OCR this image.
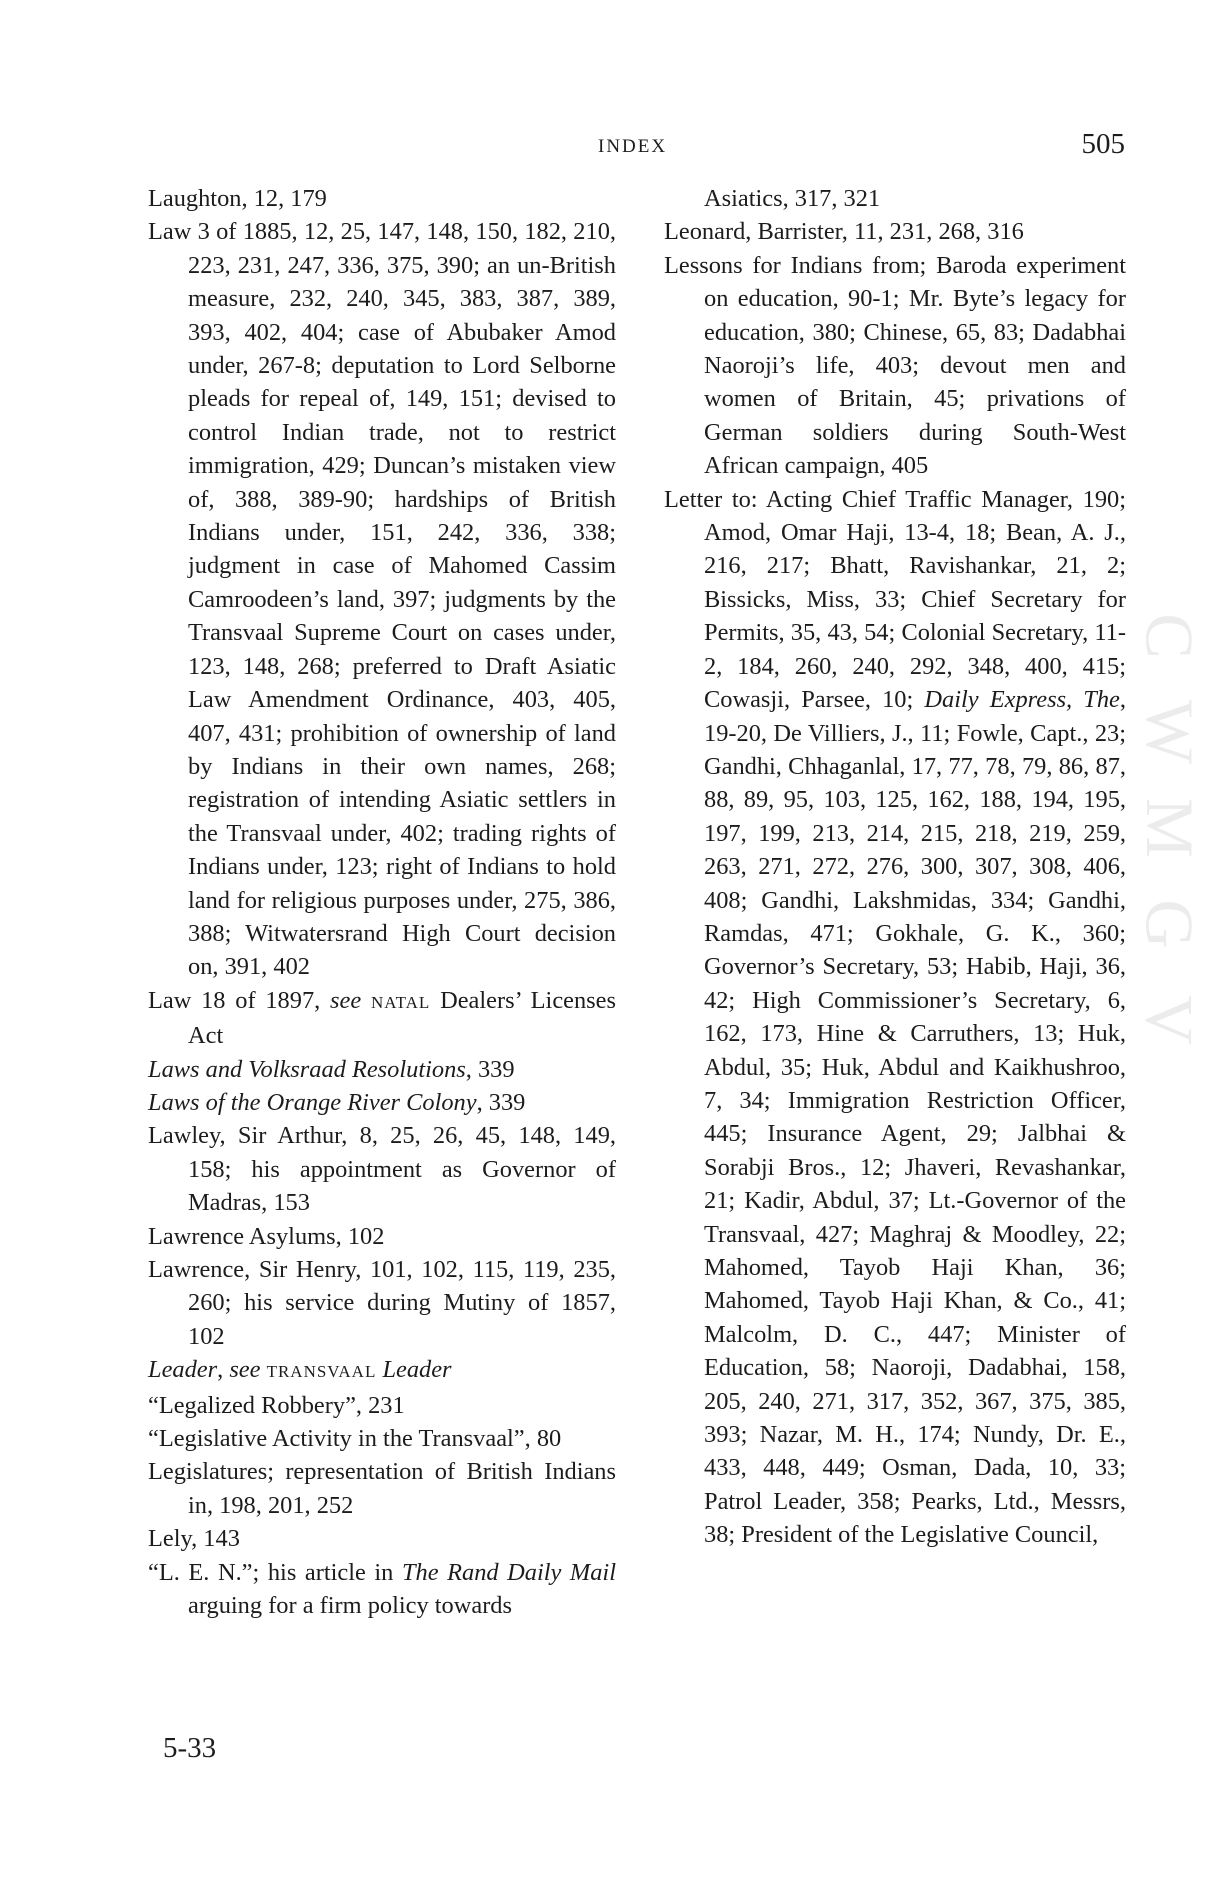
INDEX	505
Laughton, 12, 179
Law 3 of 1885, 12, 25, 147, 148, 150, 182, 210, 223, 231, 247, 336, 375, 390; an un-British measure, 232, 240, 345, 383, 387, 389, 393, 402, 404; case of Abubaker Amod under, 267-8; deputation to Lord Selborne pleads for repeal of, 149, 151; devised to control Indian trade, not to restrict immigration, 429; Duncan’s mistaken view of, 388, 389-90; hardships of British Indians under, 151, 242, 336, 338; judgment in case of Mahomed Cassim Camroodeen’s land, 397; judgments by the Transvaal Supreme Court on cases under, 123, 148, 268; preferred to Draft Asiatic Law Amendment Ordinance, 403, 405, 407, 431; prohibition of ownership of land by Indians in their own names, 268; registration of intending Asiatic settlers in the Transvaal under, 402; trading rights of Indians under, 123; right of Indians to hold land for religious purposes under, 275, 386, 388; Witwatersrand High Court decision on, 391, 402
Law 18 of 1897, see NATAL Dealers’ Licenses Act
Laws and Volksraad Resolutions, 339
Laws of the Orange River Colony, 339
Lawley, Sir Arthur, 8, 25, 26, 45, 148, 149, 158; his appointment as Governor of Madras, 153
Lawrence Asylums, 102
Lawrence, Sir Henry, 101, 102, 115, 119, 235, 260; his service during Mutiny of 1857, 102
Leader, see TRANSVAAL Leader
“Legalized Robbery”, 231
“Legislative Activity in the Transvaal”, 80
Legislatures; representation of British Indians in, 198, 201, 252
Lely, 143
“L. E. N.”; his article in The Rand Daily Mail arguing for a firm policy towards
Asiatics, 317, 321
Leonard, Barrister, 11, 231, 268, 316
Lessons for Indians from; Baroda experiment on education, 90-1; Mr. Byte’s legacy for education, 380; Chinese, 65, 83; Dadabhai Naoroji’s life, 403; devout men and women of Britain, 45; privations of German soldiers during South-West African campaign, 405
Letter to: Acting Chief Traffic Manager, 190; Amod, Omar Haji, 13-4, 18; Bean, A. J., 216, 217; Bhatt, Ravishankar, 21, 2; Bissicks, Miss, 33; Chief Secretary for Permits, 35, 43, 54; Colonial Secretary, 11-2, 184, 260, 240, 292, 348, 400, 415; Cowasji, Parsee, 10; Daily Express, The, 19-20, De Villiers, J., 11; Fowle, Capt., 23; Gandhi, Chhaganlal, 17, 77, 78, 79, 86, 87, 88, 89, 95, 103, 125, 162, 188, 194, 195, 197, 199, 213, 214, 215, 218, 219, 259, 263, 271, 272, 276, 300, 307, 308, 406, 408; Gandhi, Lakshmidas, 334; Gandhi, Ramdas, 471; Gokhale, G. K., 360; Governor’s Secretary, 53; Habib, Haji, 36, 42; High Commissioner’s Secretary, 6, 162, 173, Hine & Carruthers, 13; Huk, Abdul, 35; Huk, Abdul and Kaikhushroo, 7, 34; Immigration Restriction Officer, 445; Insurance Agent, 29; Jalbhai & Sorabji Bros., 12; Jhaveri, Revashankar, 21; Kadir, Abdul, 37; Lt.-Governor of the Transvaal, 427; Maghraj & Moodley, 22; Mahomed, Tayob Haji Khan, 36; Mahomed, Tayob Haji Khan, & Co., 41; Malcolm, D. C., 447; Minister of Education, 58; Naoroji, Dadabhai, 158, 205, 240, 271, 317, 352, 367, 375, 385, 393; Nazar, M. H., 174; Nundy, Dr. E., 433, 448, 449; Osman, Dada, 10, 33; Patrol Leader, 358; Pearks, Ltd., Messrs, 38; President of the Legislative Council,
5-33
C
W
M
G
V
